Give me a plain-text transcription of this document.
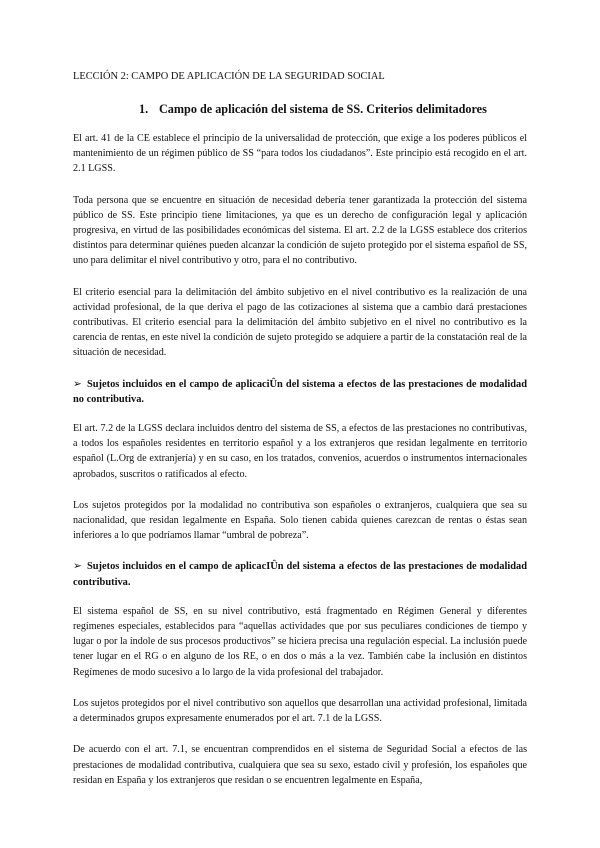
LECCIÓN 2: CAMPO DE APLICACIÓN DE LA SEGURIDAD SOCIAL
1. Campo de aplicación del sistema de SS. Criterios delimitadores

El art. 41 de la CE establece el principio de la universalidad de protección, que exige a los poderes públicos el mantenimiento de un régimen público de SS “para todos los ciudadanos”. Este principio está recogido en el art. 2.1 LGSS.

Toda persona que se encuentre en situación de necesidad debería tener garantizada la protección del sistema público de SS. Este principio tiene limitaciones, ya que es un derecho de configuración legal y aplicación progresiva, en virtud de las posibilidades económicas del sistema. El art. 2.2 de la LGSS establece dos criterios distintos para determinar quiénes pueden alcanzar la condición de sujeto protegido por el sistema español de SS, uno para delimitar el nivel contributivo y otro, para el no contributivo.

El criterio esencial para la delimitación del ámbito subjetivo en el nivel contributivo es la realización de una actividad profesional, de la que deriva el pago de las cotizaciones al sistema que a cambio dará prestaciones contributivas. El criterio esencial para la delimitación del ámbito subjetivo en el nivel no contributivo es la carencia de rentas, en este nivel la condición de sujeto protegido se adquiere a partir de la constatación real de la situación de necesidad.

➢ Sujetos incluidos en el campo de aplicaciÛn del sistema a efectos de las prestaciones de modalidad no contributiva.

El art. 7.2 de la LGSS declara incluidos dentro del sistema de SS, a efectos de las prestaciones no contributivas, a todos los españoles residentes en territorio español y a los extranjeros que residan legalmente en territorio español (L.Org de extranjería) y en su caso, en los tratados, convenios, acuerdos o instrumentos internacionales aprobados, suscritos o ratificados al efecto.

Los sujetos protegidos por la modalidad no contributiva son españoles o extranjeros, cualquiera que sea su nacionalidad, que residan legalmente en España. Solo tienen cabida quienes carezcan de rentas o éstas sean inferiores a lo que podríamos llamar “umbral de pobreza”.

➢ Sujetos incluidos en el campo de aplicacIÛn del sistema a efectos de las prestaciones de modalidad contributiva.

El sistema español de SS, en su nivel contributivo, está fragmentado en Régimen General y diferentes regímenes especiales, establecidos para “aquellas actividades que por sus peculiares condiciones de tiempo y lugar o por la índole de sus procesos productivos” se hiciera precisa una regulación especial. La inclusión puede tener lugar en el RG o en alguno de los RE, o en dos o más a la vez. También cabe la inclusión en distintos Regímenes de modo sucesivo a lo largo de la vida profesional del trabajador.

Los sujetos protegidos por el nivel contributivo son aquellos que desarrollan una actividad profesional, limitada a determinados grupos expresamente enumerados por el art. 7.1 de la LGSS.

De acuerdo con el art. 7.1, se encuentran comprendidos en el sistema de Seguridad Social a efectos de las prestaciones de modalidad contributiva, cualquiera que sea su sexo, estado civil y profesión, los españoles que residan en España y los extranjeros que residan o se encuentren legalmente en España,
